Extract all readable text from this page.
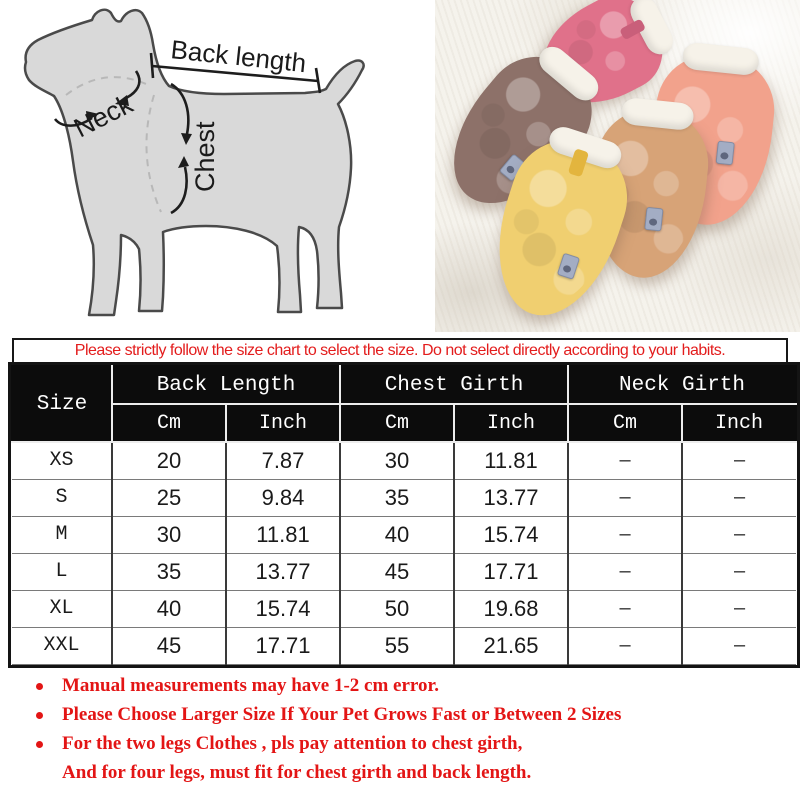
Back length
Neck
Chest
Please strictly follow the size chart to select the size. Do not select directly according to your habits.
Size	Back Length		Chest Girth		Neck Girth	
	Cm	Inch	Cm	Inch	Cm	Inch
XS	20	7.87	30	11.81	–	–
S	25	9.84	35	13.77	–	–
M	30	11.81	40	15.74	–	–
L	35	13.77	45	17.71	–	–
XL	40	15.74	50	19.68	–	–
XXL	45	17.71	55	21.65	–	–
Manual measurements may have 1-2 cm error.
Please Choose Larger Size If Your Pet Grows Fast or Between 2 Sizes
For the two legs Clothes , pls pay attention to chest girth,
And for four legs, must fit for chest girth and back length.
